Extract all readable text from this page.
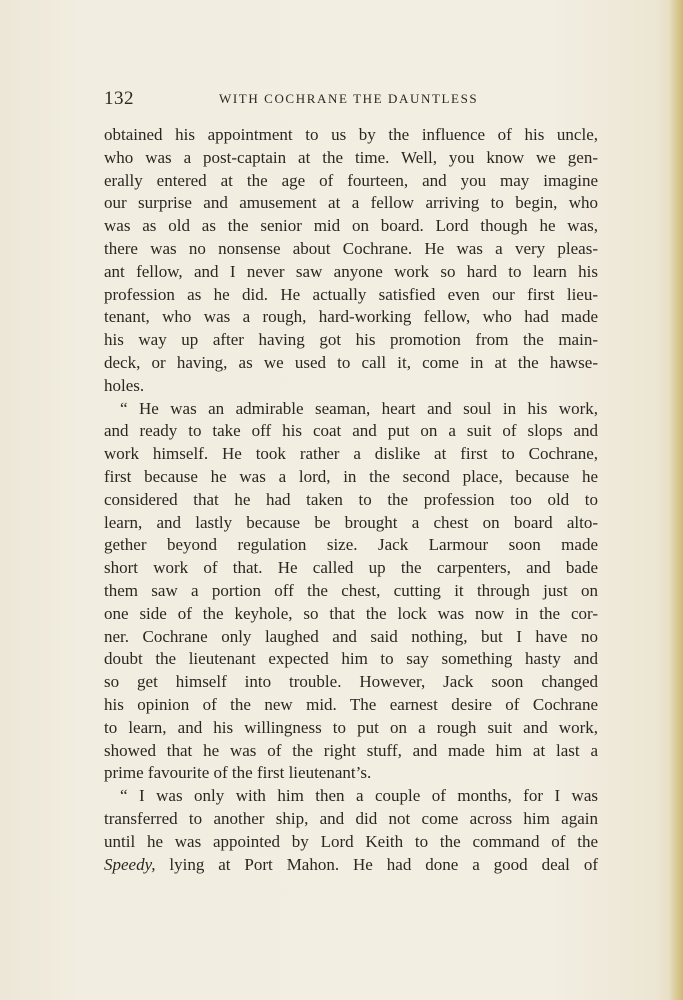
132	WITH COCHRANE THE DAUNTLESS
obtained his appointment to us by the influence of his uncle,
who was a post-captain at the time. Well, you know we gen-
erally entered at the age of fourteen, and you may imagine
our surprise and amusement at a fellow arriving to begin, who
was as old as the senior mid on board. Lord though he was,
there was no nonsense about Cochrane. He was a very pleas-
ant fellow, and I never saw anyone work so hard to learn his
profession as he did. He actually satisfied even our first lieu-
tenant, who was a rough, hard-working fellow, who had made
his way up after having got his promotion from the main-
deck, or having, as we used to call it, come in at the hawse-
holes.
“ He was an admirable seaman, heart and soul in his work,
and ready to take off his coat and put on a suit of slops and
work himself. He took rather a dislike at first to Cochrane,
first because he was a lord, in the second place, because he
considered that he had taken to the profession too old to
learn, and lastly because be brought a chest on board alto-
gether beyond regulation size. Jack Larmour soon made
short work of that. He called up the carpenters, and bade
them saw a portion off the chest, cutting it through just on
one side of the keyhole, so that the lock was now in the cor-
ner. Cochrane only laughed and said nothing, but I have no
doubt the lieutenant expected him to say something hasty and
so get himself into trouble. However, Jack soon changed
his opinion of the new mid. The earnest desire of Cochrane
to learn, and his willingness to put on a rough suit and work,
showed that he was of the right stuff, and made him at last a
prime favourite of the first lieutenant’s.
“ I was only with him then a couple of months, for I was
transferred to another ship, and did not come across him again
until he was appointed by Lord Keith to the command of the
Speedy, lying at Port Mahon. He had done a good deal of
